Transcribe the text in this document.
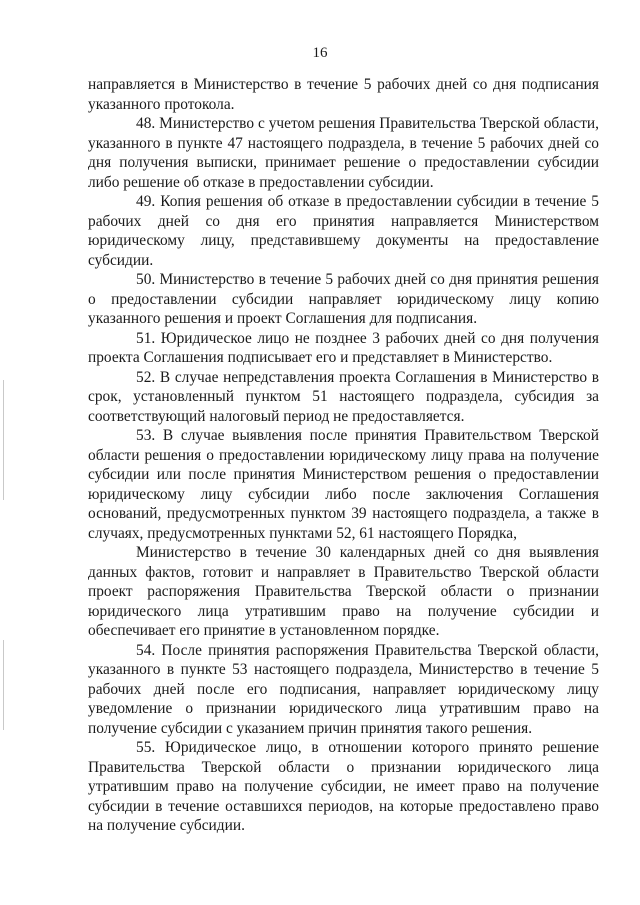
16

направляется в Министерство в течение 5 рабочих дней со дня подписания указанного протокола.

48. Министерство с учетом решения Правительства Тверской области, указанного в пункте 47 настоящего подраздела, в течение 5 рабочих дней со дня получения выписки, принимает решение о предоставлении субсидии либо решение об отказе в предоставлении субсидии.

49. Копия решения об отказе в предоставлении субсидии в течение 5 рабочих дней со дня его принятия направляется Министерством юридическому лицу, представившему документы на предоставление субсидии.

50. Министерство в течение 5 рабочих дней со дня принятия решения о предоставлении субсидии направляет юридическому лицу копию указанного решения и проект Соглашения для подписания.

51. Юридическое лицо не позднее 3 рабочих дней со дня получения проекта Соглашения подписывает его и представляет в Министерство.

52. В случае непредставления проекта Соглашения в Министерство в срок, установленный пунктом 51 настоящего подраздела, субсидия за соответствующий налоговый период не предоставляется.

53. В случае выявления после принятия Правительством Тверской области решения о предоставлении юридическому лицу права на получение субсидии или после принятия Министерством решения о предоставлении юридическому лицу субсидии либо после заключения Соглашения оснований, предусмотренных пунктом 39 настоящего подраздела, а также в случаях, предусмотренных пунктами 52, 61 настоящего Порядка,

Министерство в течение 30 календарных дней со дня выявления данных фактов, готовит и направляет в Правительство Тверской области проект распоряжения Правительства Тверской области о признании юридического лица утратившим право на получение субсидии и обеспечивает его принятие в установленном порядке.

54. После принятия распоряжения Правительства Тверской области, указанного в пункте 53 настоящего подраздела, Министерство в течение 5 рабочих дней после его подписания, направляет юридическому лицу уведомление о признании юридического лица утратившим право на получение субсидии с указанием причин принятия такого решения.

55. Юридическое лицо, в отношении которого принято решение Правительства Тверской области о признании юридического лица утратившим право на получение субсидии, не имеет право на получение субсидии в течение оставшихся периодов, на которые предоставлено право на получение субсидии.
